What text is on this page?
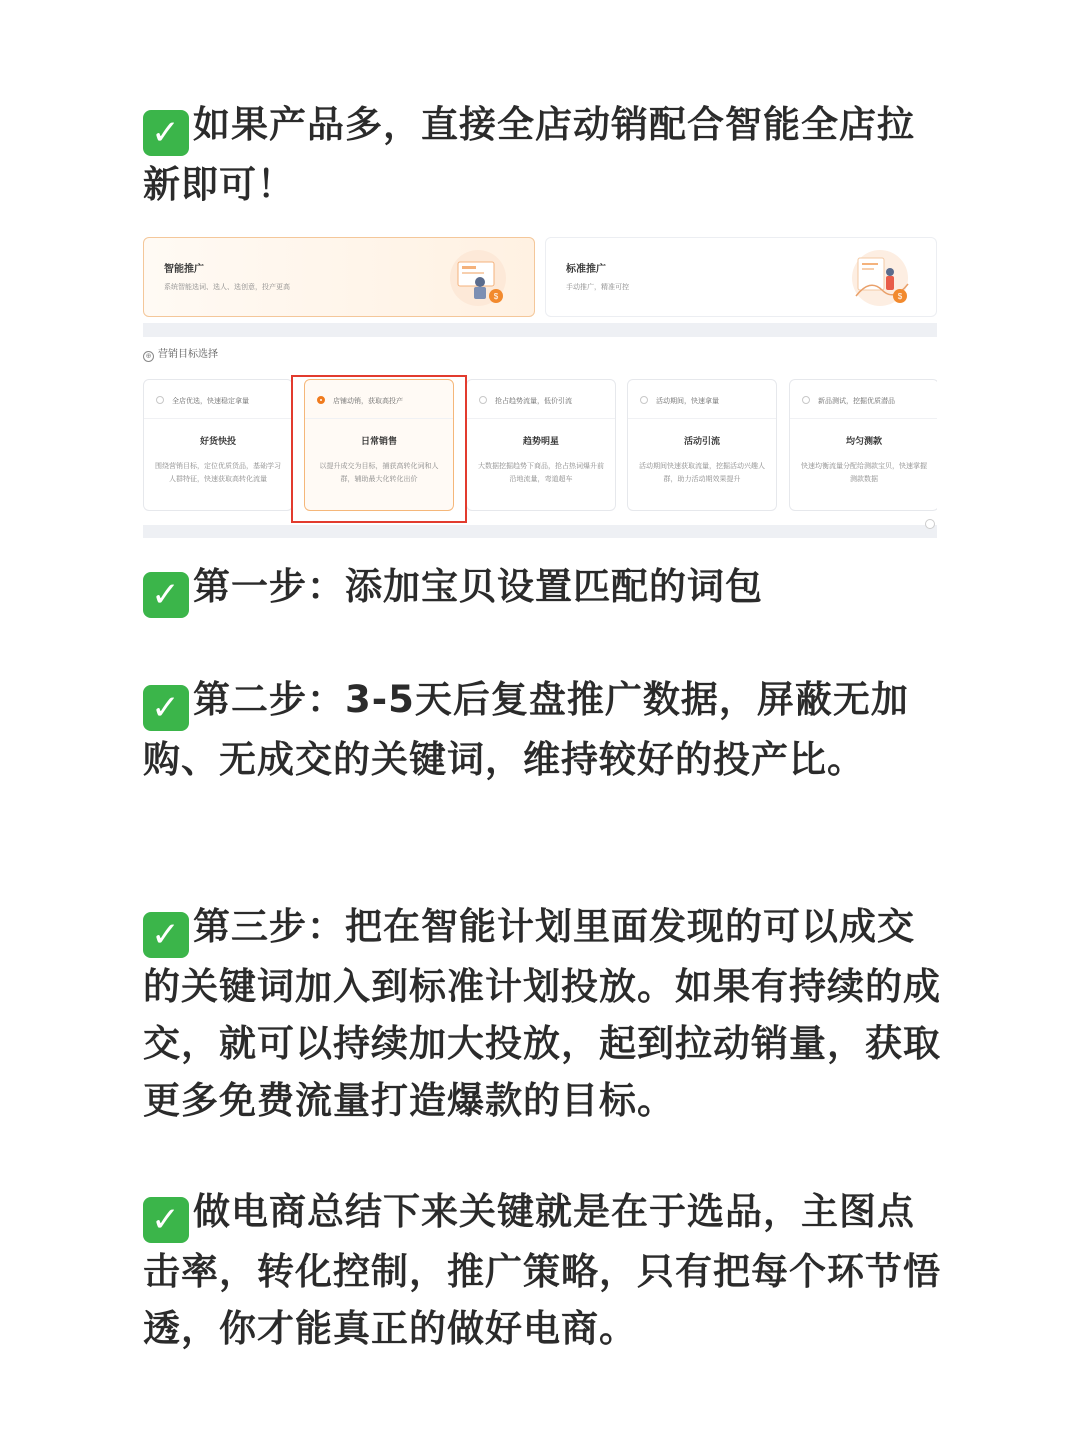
✓ 如果产品多，直接全店动销配合智能全店拉新即可！

智能推广
系统智能选词、选人、选创意，投产更高
$
标准推广
手动推广，精准可控
$
⊕ 营销目标选择
全店优选，快速稳定拿量
好货快投
围绕营销目标，定位优质货品，基础学习人群特征，快速获取高转化流量
店铺动销，获取高投产
日常销售
以提升成交为目标，捕获高转化词和人群，辅助最大化转化出价
抢占趋势流量，低价引流
趋势明星
大数据挖掘趋势下商品，抢占热词爆升前沿地流量，弯道超车
活动期间，快速拿量
活动引流
活动期间快速获取流量，挖掘活动兴趣人群，助力活动期效果提升
新品测试，挖掘优质潜品
均匀测款
快速均衡流量分配给测款宝贝，快速掌握测款数据

✓ 第一步：添加宝贝设置匹配的词包

✓ 第二步：3-5天后复盘推广数据，屏蔽无加购、无成交的关键词，维持较好的投产比。

✓ 第三步：把在智能计划里面发现的可以成交的关键词加入到标准计划投放。如果有持续的成交，就可以持续加大投放，起到拉动销量，获取更多免费流量打造爆款的目标。

✓ 做电商总结下来关键就是在于选品，主图点击率，转化控制，推广策略，只有把每个环节悟透，你才能真正的做好电商。
